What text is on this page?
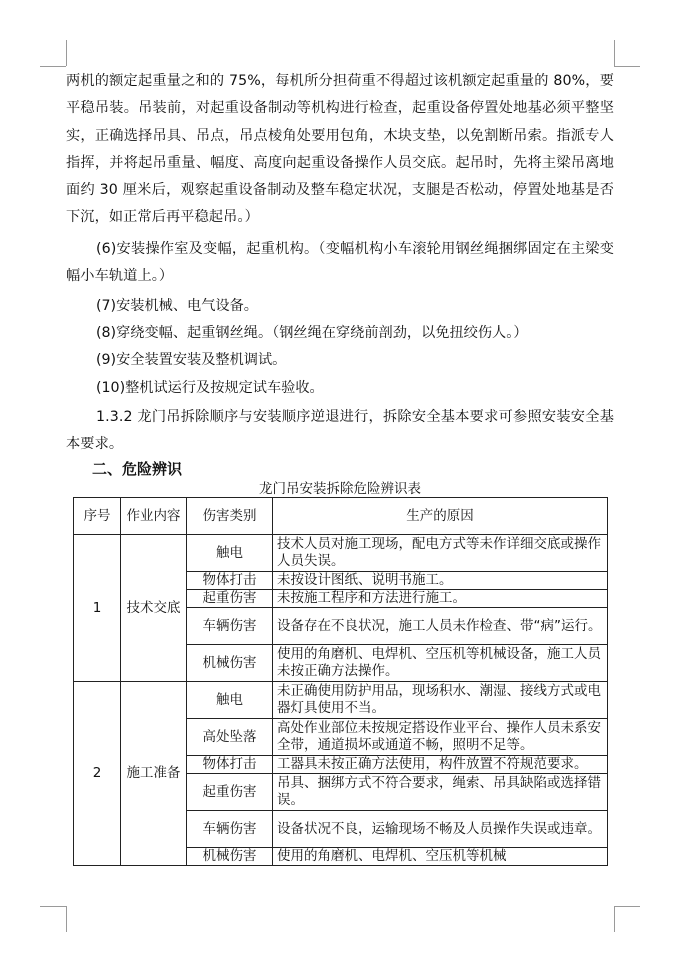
两机的额定起重量之和的 75%，每机所分担荷重不得超过该机额定起重量的 80%，要平稳吊装。吊装前，对起重设备制动等机构进行检查，起重设备停置处地基必须平整坚实，正确选择吊具、吊点，吊点棱角处要用包角，木块支垫，以免割断吊索。指派专人指挥，并将起吊重量、幅度、高度向起重设备操作人员交底。起吊时，先将主梁吊离地面约 30 厘米后，观察起重设备制动及整车稳定状况，支腿是否松动，停置处地基是否下沉，如正常后再平稳起吊。）
(6)安装操作室及变幅，起重机构。（变幅机构小车滚轮用钢丝绳捆绑固定在主梁变幅小车轨道上。）
(7)安装机械、电气设备。
(8)穿绕变幅、起重钢丝绳。（钢丝绳在穿绕前剖劲，以免扭绞伤人。）
(9)安全装置安装及整机调试。
(10)整机试运行及按规定试车验收。
1.3.2 龙门吊拆除顺序与安装顺序逆退进行，拆除安全基本要求可参照安装安全基本要求。
二、危险辨识
龙门吊安装拆除危险辨识表
序号	作业内容	伤害类别	生产的原因
1	技术交底	触电	技术人员对施工现场，配电方式等未作详细交底或操作人员失误。
		物体打击	未按设计图纸、说明书施工。
		起重伤害	未按施工程序和方法进行施工。
		车辆伤害	设备存在不良状况，施工人员未作检查、带“病”运行。
		机械伤害	使用的角磨机、电焊机、空压机等机械设备，施工人员未按正确方法操作。
2	施工准备	触电	未正确使用防护用品，现场积水、潮湿、接线方式或电器灯具使用不当。
		高处坠落	高处作业部位未按规定搭设作业平台、操作人员未系安全带，通道损坏或通道不畅，照明不足等。
		物体打击	工器具未按正确方法使用，构件放置不符规范要求。
		起重伤害	吊具、捆绑方式不符合要求，绳索、吊具缺陷或选择错误。
		车辆伤害	设备状况不良，运输现场不畅及人员操作失误或违章。
		机械伤害	使用的角磨机、电焊机、空压机等机械
